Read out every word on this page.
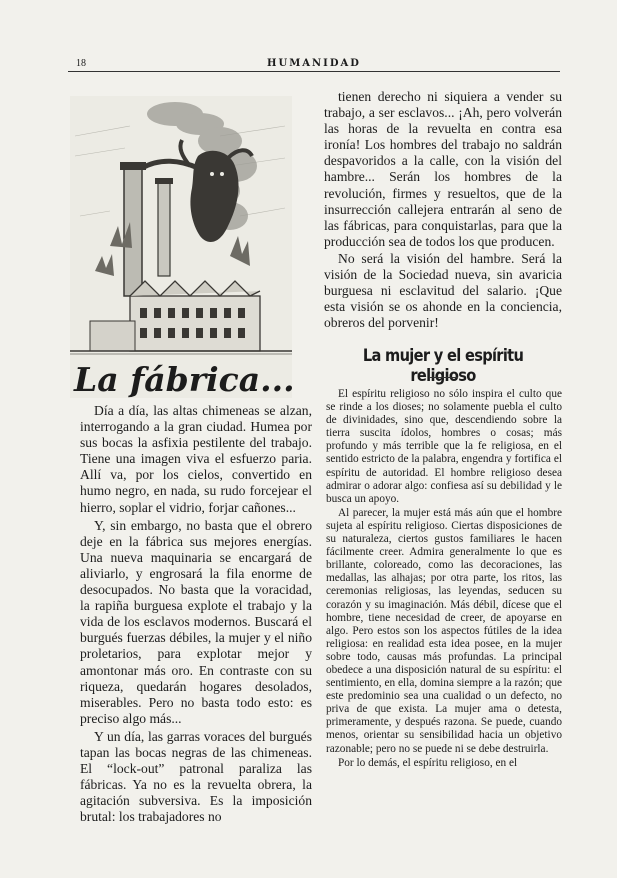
18	HUMANIDAD
La fábrica...

Día a día, las altas chimeneas se alzan, interrogando a la gran ciudad. Humea por sus bocas la asfixia pestilente del trabajo. Tiene una imagen viva el esfuerzo paria. Allí va, por los cielos, convertido en humo negro, en nada, su rudo forcejear el hierro, soplar el vidrio, forjar cañones...

Y, sin embargo, no basta que el obrero deje en la fábrica sus mejores energías. Una nueva maquinaria se encargará de aliviarlo, y engrosará la fila enorme de desocupados. No basta que la voracidad, la rapiña burguesa explote el trabajo y la vida de los esclavos modernos. Buscará el burgués fuerzas débiles, la mujer y el niño proletarios, para explotar mejor y amontonar más oro. En contraste con su riqueza, quedarán hogares desolados, miserables. Pero no basta todo esto: es preciso algo más...

Y un día, las garras voraces del burgués tapan las bocas negras de las chimeneas. El “lock-out” patronal paraliza las fábricas. Ya no es la revuelta obrera, la agitación subversiva. Es la imposición brutal: los trabajadores no

tienen derecho ni siquiera a vender su trabajo, a ser esclavos... ¡Ah, pero volverán las horas de la revuelta en contra esa ironía! Los hombres del trabajo no saldrán despavoridos a la calle, con la visión del hambre... Serán los hombres de la revolución, firmes y resueltos, que de la insurrección callejera entrarán al seno de las fábricas, para conquistarlas, para que la producción sea de todos los que producen.

No será la visión del hambre. Será la visión de la Sociedad nueva, sin avaricia burguesa ni esclavitud del salario. ¡Que esta visión se os ahonde en la conciencia, obreros del porvenir!

La mujer y el espíritu religioso

El espíritu religioso no sólo inspira el culto que se rinde a los dioses; no solamente puebla el culto de divinidades, sino que, descendiendo sobre la tierra suscita ídolos, hombres o cosas; más profundo y más terrible que la fe religiosa, en el sentido estricto de la palabra, engendra y fortifica el espíritu de autoridad. El hombre religioso desea admirar o adorar algo: confiesa así su debilidad y le busca un apoyo.

Al parecer, la mujer está más aún que el hombre sujeta al espíritu religioso. Ciertas disposiciones de su naturaleza, ciertos gustos familiares le hacen fácilmente creer. Admira generalmente lo que es brillante, coloreado, como las decoraciones, las medallas, las alhajas; por otra parte, los ritos, las ceremonias religiosas, las leyendas, seducen su corazón y su imaginación. Más débil, dícese que el hombre, tiene necesidad de creer, de apoyarse en algo. Pero estos son los aspectos fútiles de la idea religiosa: en realidad esta idea posee, en la mujer sobre todo, causas más profundas. La principal obedece a una disposición natural de su espíritu: el sentimiento, en ella, domina siempre a la razón; que este predominio sea una cualidad o un defecto, no priva de que exista. La mujer ama o detesta, primeramente, y después razona. Se puede, cuando menos, orientar su sensibilidad hacia un objetivo razonable; pero no se puede ni se debe destruirla.

Por lo demás, el espíritu religioso, en el
